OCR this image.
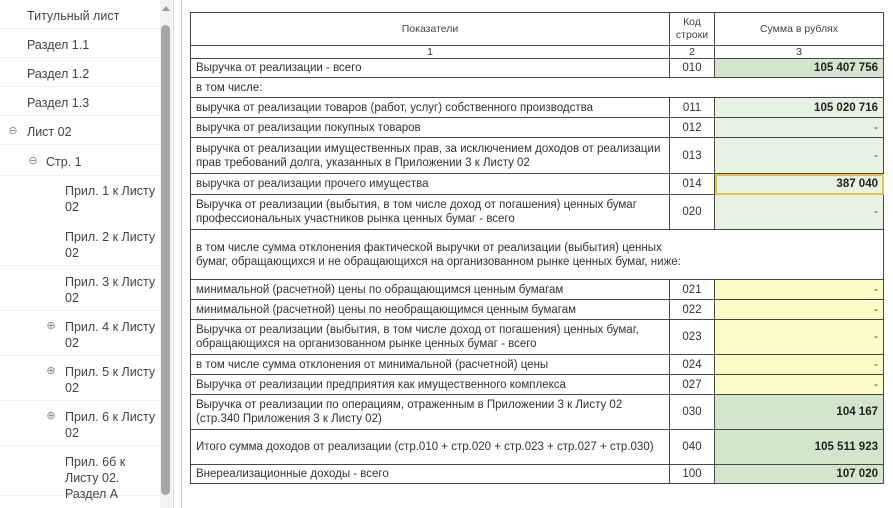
Титульный лист
Раздел 1.1
Раздел 1.2
Раздел 1.3
⊖ Лист 02
⊖ Стр. 1
Прил. 1 к Листу 02
Прил. 2 к Листу 02
Прил. 3 к Листу 02
⊕ Прил. 4 к Листу 02
⊕ Прил. 5 к Листу 02
⊕ Прил. 6 к Листу 02
Прил. 6б к Листу 02. Раздел А
Показатели	Код строки	Сумма в рублях
1	2	3
Выручка от реализации - всего	010	105 407 756
в том числе:		
выручка от реализации товаров (работ, услуг) собственного производства	011	105 020 716
выручка от реализации покупных товаров	012	-
выручка от реализации имущественных прав, за исключением доходов от реализации прав требований долга, указанных в Приложении 3 к Листу 02	013	-
выручка от реализации прочего имущества	014	387 040
Выручка от реализации (выбытия, в том числе доход от погашения) ценных бумаг профессиональных участников рынка ценных бумаг - всего	020	-
в том числе сумма отклонения фактической выручки от реализации (выбытия) ценных бумаг, обращающихся и не обращающихся на организованном рынке ценных бумаг, ниже:		
минимальной (расчетной) цены по обращающимся ценным бумагам	021	-
минимальной (расчетной) цены по необращающимся ценным бумагам	022	-
Выручка от реализации (выбытия, в том числе доход от погашения) ценных бумаг, обращающихся на организованном рынке ценных бумаг - всего	023	-
в том числе сумма отклонения от минимальной (расчетной) цены	024	-
Выручка от реализации предприятия как имущественного комплекса	027	-
Выручка от реализации по операциям, отраженным в Приложении 3 к Листу 02 (стр.340 Приложения 3 к Листу 02)	030	104 167
Итого сумма доходов от реализации (стр.010 + стр.020 + стр.023 + стр.027 + стр.030)	040	105 511 923
Внереализационные доходы - всего	100	107 020
